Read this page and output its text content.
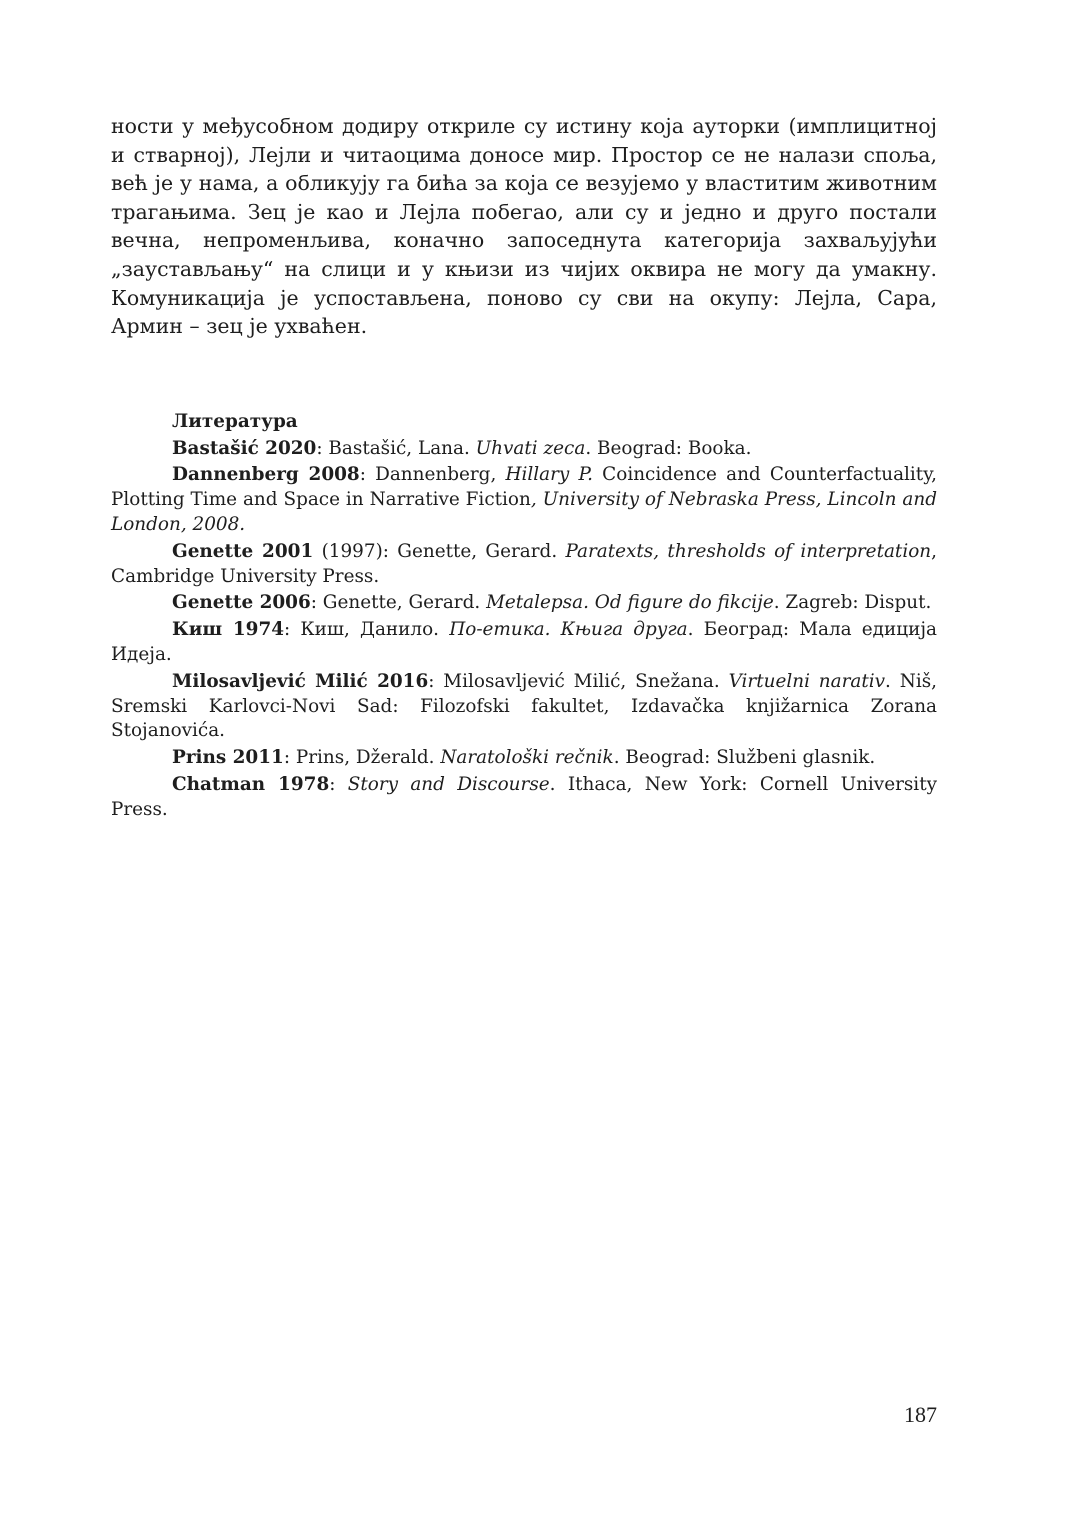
ности у међусобном додиру откриле су истину која ауторки (имплицитној и стварној), Лејли и читаоцима доносе мир. Простор се не налази споља, већ је у нама, а обликују га бића за која се везујемо у властитим животним трагањима. Зец је као и Лејла побегао, али су и једно и друго постали вечна, непроменљива, коначно запоседнута категорија захваљујући „заустављању“ на слици и у књизи из чијих оквира не могу да умакну. Комуникација је успостављена, поново су сви на окупу: Лејла, Сара, Армин – зец је ухваћен.

Литература

Bastašić 2020: Bastašić, Lana. Uhvati zeca. Beograd: Booka.

Dannenberg 2008: Dannenberg, Hillary P. Coincidence and Counterfactuality, Plotting Time and Space in Narrative Fiction, University of Nebraska Press, Lincoln and London, 2008.

Genette 2001 (1997): Genette, Gerard. Paratexts, thresholds of interpretation, Cambridge University Press.

Genette 2006: Genette, Gerard. Metalepsa. Od figure do fikcije. Zagreb: Disput.

Киш 1974: Киш, Данило. По-етика. Књига друга. Београд: Мала едиција Идеја.

Milosavljević Milić 2016: Milosavljević Milić, Snežana. Virtuelni narativ. Niš, Sremski Karlovci-Novi Sad: Filozofski fakultet, Izdavačka knjižarnica Zorana Stojanovića.

Prins 2011: Prins, Džerald. Naratološki rečnik. Beograd: Službeni glasnik.

Chatman 1978: Story and Discourse. Ithaca, New York: Cornell University Press.

187
